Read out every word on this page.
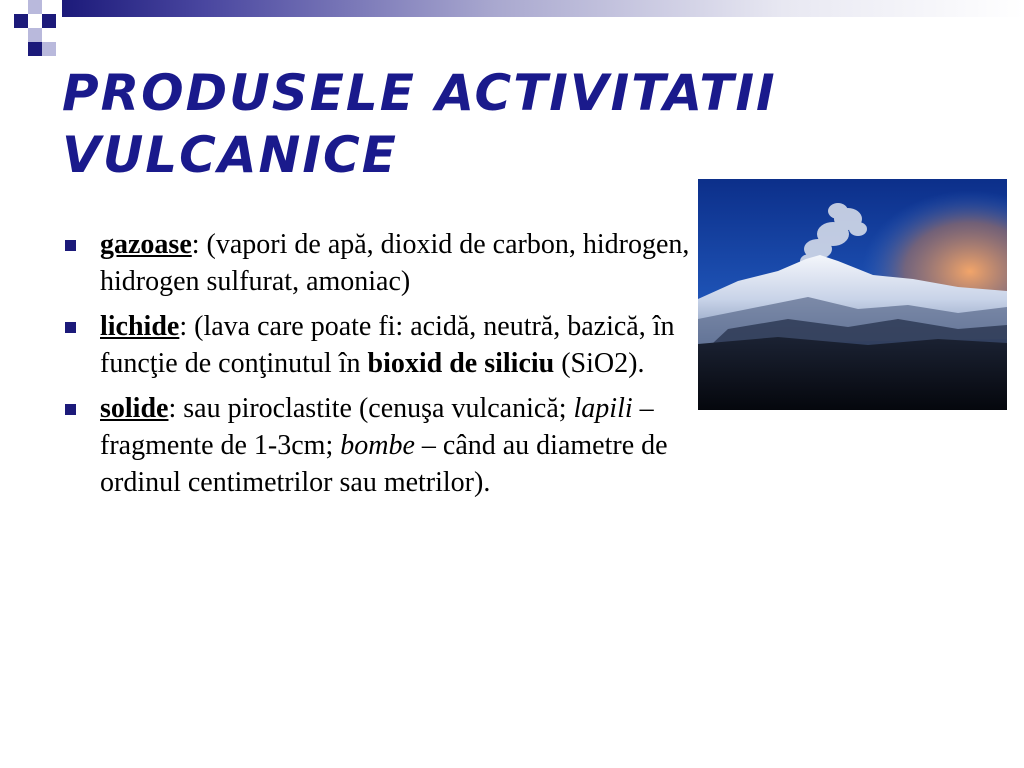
PRODUSELE ACTIVITATII
VULCANICE
gazoase: (vapori de apă, dioxid de carbon, hidrogen, hidrogen sulfurat, amoniac)
lichide: (lava care poate fi: acidă, neutră, bazică, în funcţie de conţinutul în bioxid de siliciu (SiO2).
solide: sau piroclastite (cenuşa vulcanică; lapili – fragmente de 1-3cm; bombe – când au diametre de ordinul centimetrilor sau metrilor).
